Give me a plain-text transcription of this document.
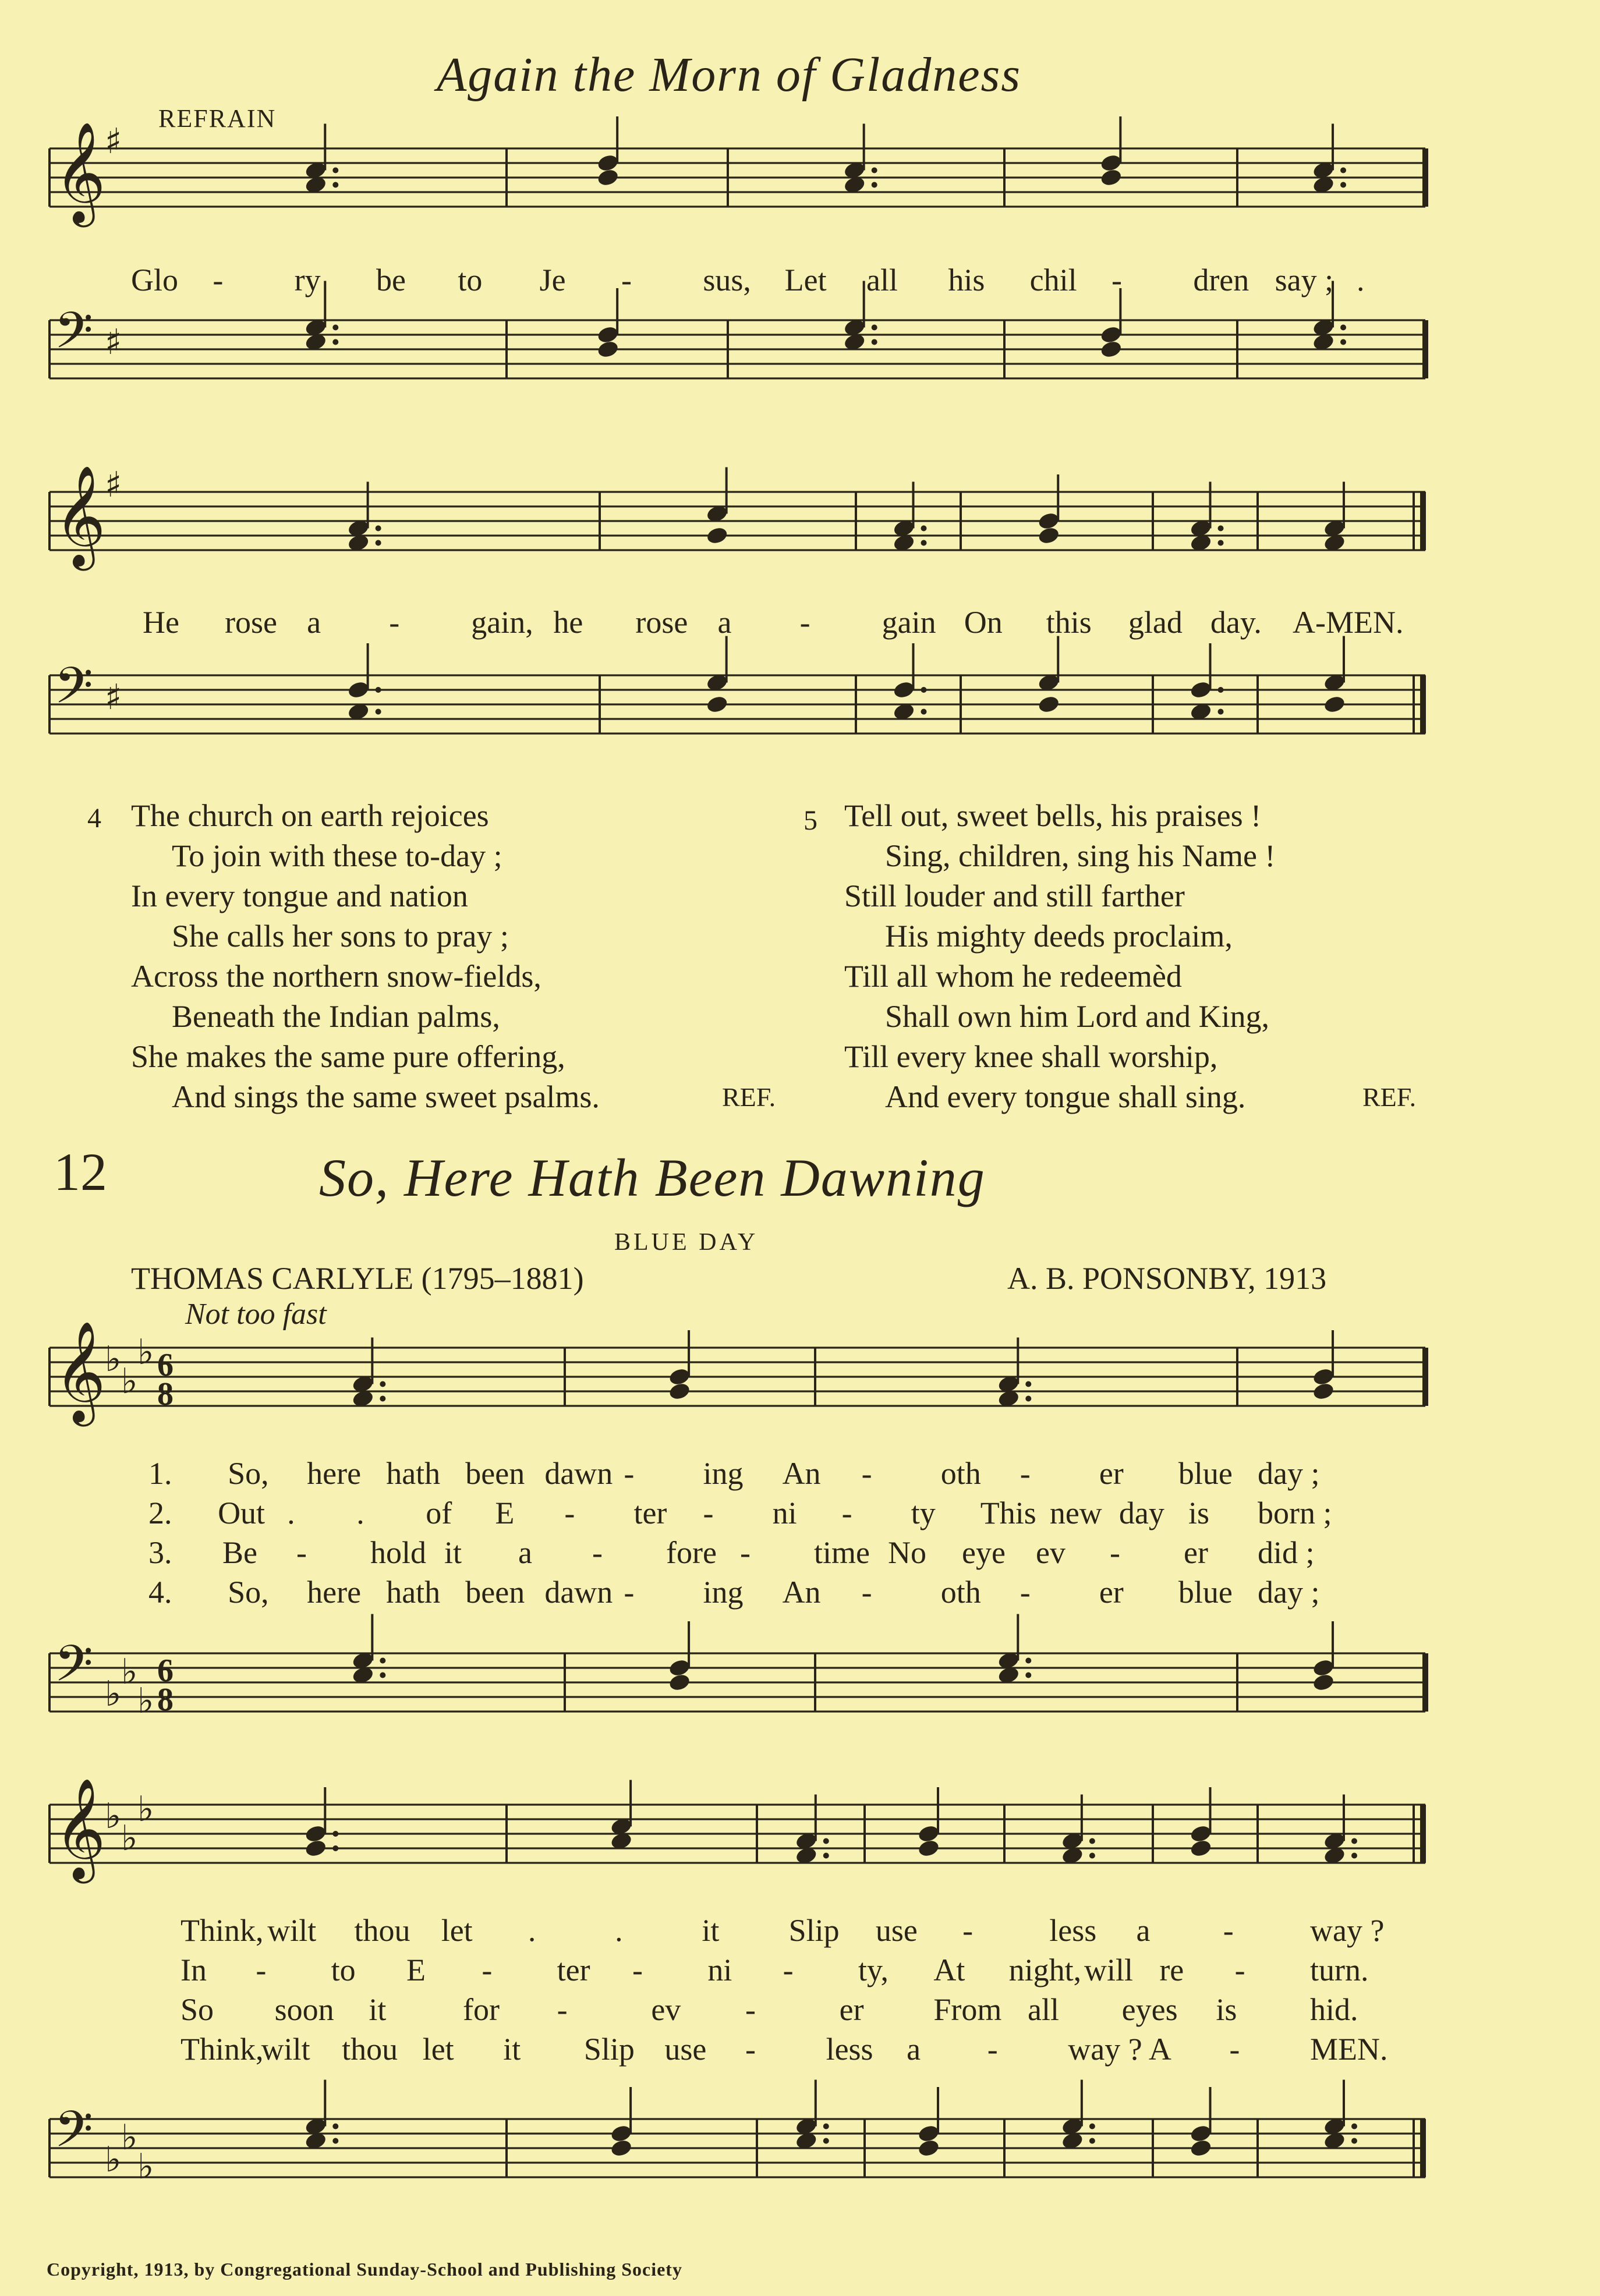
Again the Morn of Gladness
REFRAIN
𝄞
♯
𝄢 ♯
𝄞
♯
𝄢 ♯
Glo - ry be to Je - sus, Let all his chil - dren say ; .
He rose a - gain, he rose a - gain On this glad day. A-MEN.
4 The church on earth rejoices
To join with these to-day ;
In every tongue and nation
She calls her sons to pray ;
Across the northern snow-fields,
Beneath the Indian palms,
She makes the same pure offering,
And sings the same sweet psalms.	REF.
5 Tell out, sweet bells, his praises !
Sing, children, sing his Name !
Still louder and still farther
His mighty deeds proclaim,
Till all whom he redeemèd
Shall own him Lord and King,
Till every knee shall worship,
And every tongue shall sing.	REF.
12	So, Here Hath Been Dawning
BLUE DAY
THOMAS CARLYLE (1795–1881)	A. B. PONSONBY, 1913
Not too fast
𝄞
♭
♭
♭ 6
8
𝄢 ♭
♭
♭
6
8
𝄞
♭
♭
♭
𝄢 ♭
♭
♭
1. So, here hath been dawn - ing An - oth - er blue day ;
2. Out . . of E - ter - ni - ty This new day is born ;
3. Be - hold it a - fore - time No eye ev - er did ;
4. So, here hath been dawn - ing An - oth - er blue day ;
Think, wilt thou let .	.	it Slip use - less a - way ?
In - to E - ter - ni - ty, At night, will re - turn.
So soon it for -	ev -	er From all eyes is hid.
Think,
wilt thou let it Slip use - less a - way ? A - MEN.
Copyright, 1913, by Congregational Sunday-School and Publishing Society
